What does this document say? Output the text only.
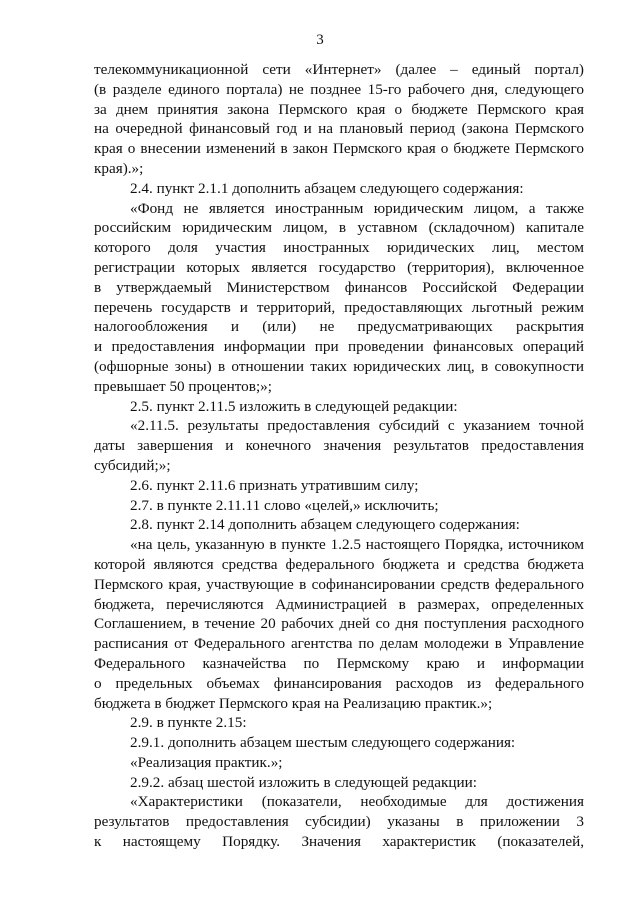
3

телекоммуникационной сети «Интернет» (далее – единый портал)
(в разделе единого портала) не позднее 15-го рабочего дня, следующего
за днем принятия закона Пермского края о бюджете Пермского края
на очередной финансовый год и на плановый период (закона Пермского
края о внесении изменений в закон Пермского края о бюджете Пермского
края).»;

2.4. пункт 2.1.1 дополнить абзацем следующего содержания:

«Фонд не является иностранным юридическим лицом, а также
российским юридическим лицом, в уставном (складочном) капитале
которого доля участия иностранных юридических лиц, местом
регистрации которых является государство (территория), включенное
в утверждаемый Министерством финансов Российской Федерации
перечень государств и территорий, предоставляющих льготный режим
налогообложения и (или) не предусматривающих раскрытия
и предоставления информации при проведении финансовых операций
(офшорные зоны) в отношении таких юридических лиц, в совокупности
превышает 50 процентов;»;

2.5. пункт 2.11.5 изложить в следующей редакции:

«2.11.5. результаты предоставления субсидий с указанием точной
даты завершения и конечного значения результатов предоставления
субсидий;»;

2.6. пункт 2.11.6 признать утратившим силу;

2.7. в пункте 2.11.11 слово «целей,» исключить;

2.8. пункт 2.14 дополнить абзацем следующего содержания:

«на цель, указанную в пункте 1.2.5 настоящего Порядка, источником
которой являются средства федерального бюджета и средства бюджета
Пермского края, участвующие в софинансировании средств федерального
бюджета, перечисляются Администрацией в размерах, определенных
Соглашением, в течение 20 рабочих дней со дня поступления расходного
расписания от Федерального агентства по делам молодежи в Управление
Федерального казначейства по Пермскому краю и информации
о предельных объемах финансирования расходов из федерального
бюджета в бюджет Пермского края на Реализацию практик.»;

2.9. в пункте 2.15:

2.9.1. дополнить абзацем шестым следующего содержания:

«Реализация практик.»;

2.9.2. абзац шестой изложить в следующей редакции:

«Характеристики (показатели, необходимые для достижения
результатов предоставления субсидии) указаны в приложении 3
к настоящему Порядку. Значения характеристик (показателей,
